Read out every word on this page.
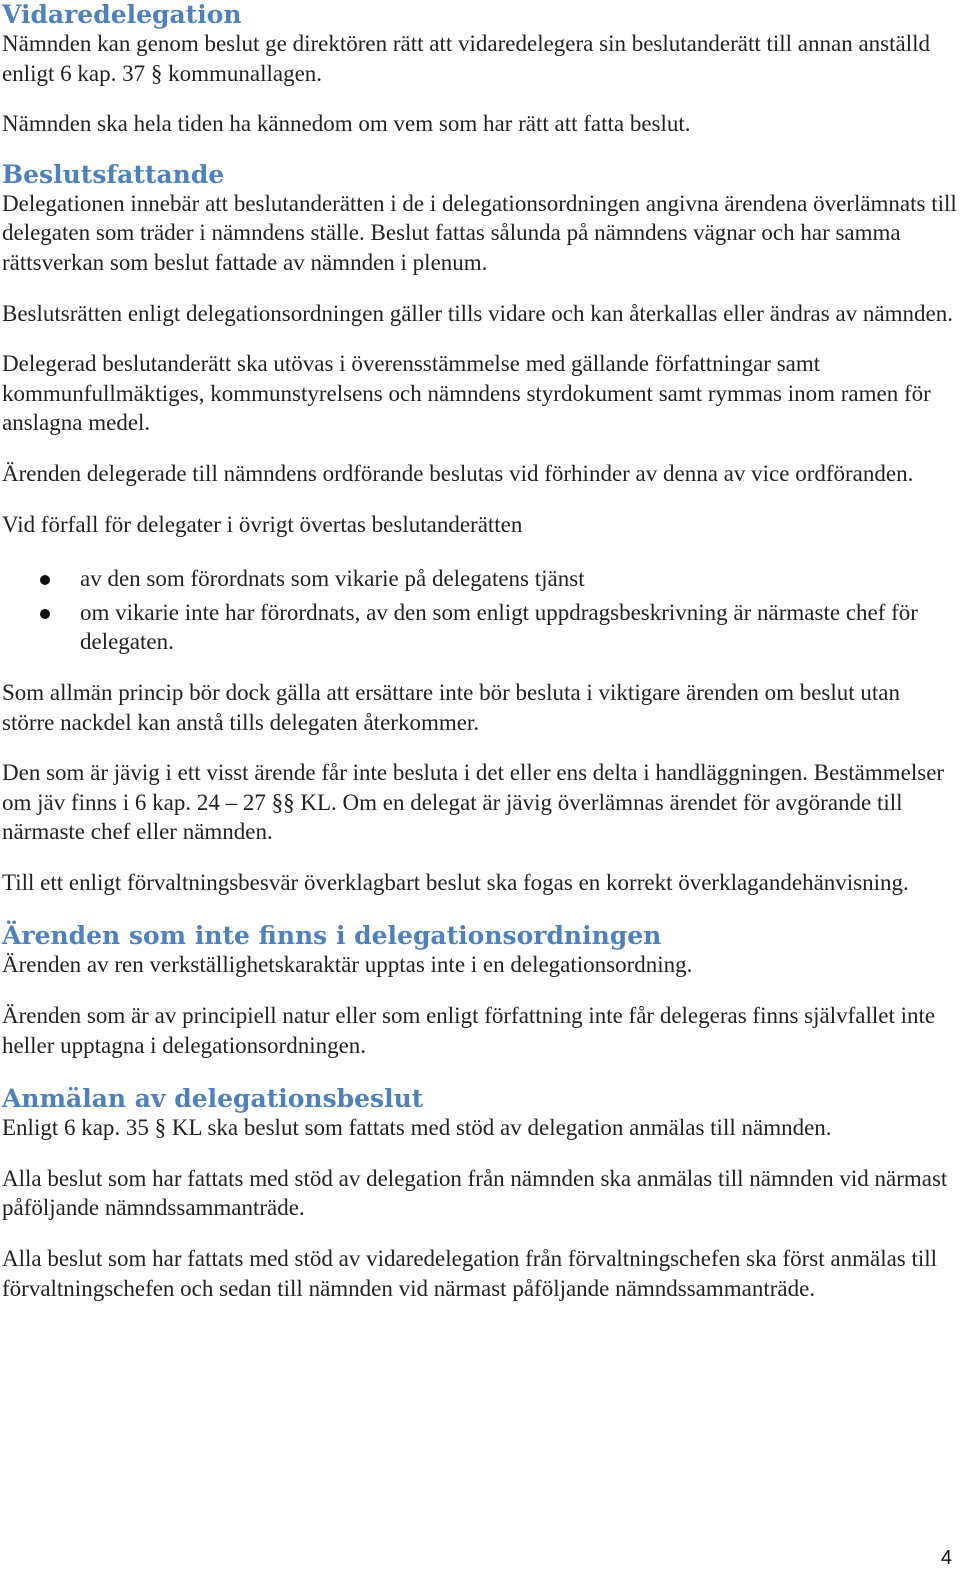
Vidaredelegation

Nämnden kan genom beslut ge direktören rätt att vidaredelegera sin beslutanderätt till annan anställd enligt 6 kap. 37 § kommunallagen.

Nämnden ska hela tiden ha kännedom om vem som har rätt att fatta beslut.

Beslutsfattande

Delegationen innebär att beslutanderätten i de i delegationsordningen angivna ärendena överlämnats till delegaten som träder i nämndens ställe. Beslut fattas sålunda på nämndens vägnar och har samma rättsverkan som beslut fattade av nämnden i plenum.

Beslutsrätten enligt delegationsordningen gäller tills vidare och kan återkallas eller ändras av nämnden.

Delegerad beslutanderätt ska utövas i överensstämmelse med gällande författningar samt kommunfullmäktiges, kommunstyrelsens och nämndens styrdokument samt rymmas inom ramen för anslagna medel.

Ärenden delegerade till nämndens ordförande beslutas vid förhinder av denna av vice ordföranden.

Vid förfall för delegater i övrigt övertas beslutanderätten

av den som förordnats som vikarie på delegatens tjänst
om vikarie inte har förordnats, av den som enligt uppdragsbeskrivning är närmaste chef för delegaten.

Som allmän princip bör dock gälla att ersättare inte bör besluta i viktigare ärenden om beslut utan större nackdel kan anstå tills delegaten återkommer.

Den som är jävig i ett visst ärende får inte besluta i det eller ens delta i handläggningen. Bestämmelser om jäv finns i 6 kap. 24 – 27 §§ KL. Om en delegat är jävig överlämnas ärendet för avgörande till närmaste chef eller nämnden.

Till ett enligt förvaltningsbesvär överklagbart beslut ska fogas en korrekt överklagandehänvisning.

Ärenden som inte finns i delegationsordningen

Ärenden av ren verkställighetskaraktär upptas inte i en delegationsordning.

Ärenden som är av principiell natur eller som enligt författning inte får delegeras finns självfallet inte heller upptagna i delegationsordningen.

Anmälan av delegationsbeslut

Enligt 6 kap. 35 § KL ska beslut som fattats med stöd av delegation anmälas till nämnden.

Alla beslut som har fattats med stöd av delegation från nämnden ska anmälas till nämnden vid närmast påföljande nämndssammanträde.

Alla beslut som har fattats med stöd av vidaredelegation från förvaltningschefen ska först anmälas till förvaltningschefen och sedan till nämnden vid närmast påföljande nämndssammanträde.

4
